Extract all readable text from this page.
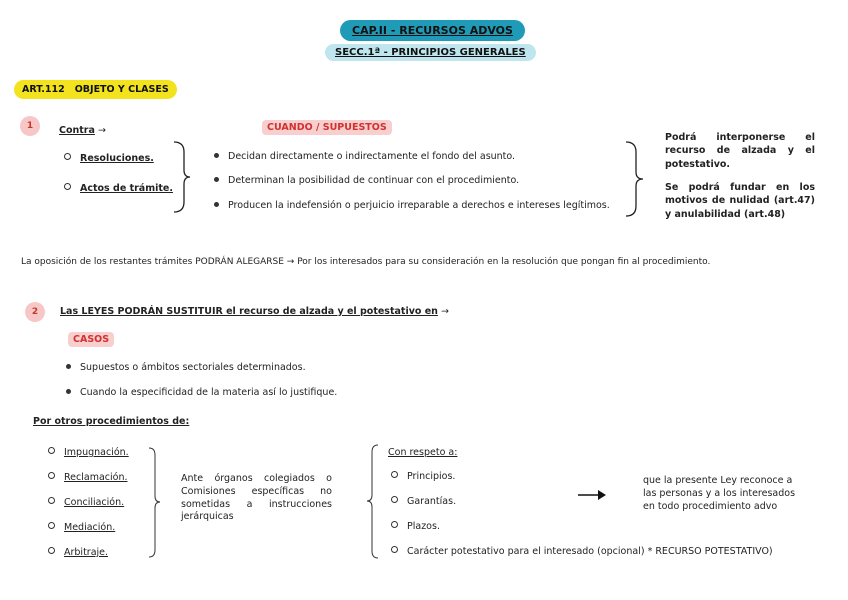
CAP.II - RECURSOS ADVOS
SECC.1ª - PRINCIPIOS GENERALES
ART.112 OBJETO Y CLASES
1	Contra →
Resoluciones.
Actos de trámite.
CUANDO / SUPUESTOS
Decidan directamente o indirectamente el fondo del asunto.
Determinan la posibilidad de continuar con el procedimiento.
Producen la indefensión o perjuicio irreparable a derechos e intereses legítimos.
Podrá interponerse el recurso de alzada y el potestativo.
Se podrá fundar en los motivos de nulidad (art.47) y anulabilidad (art.48)
La oposición de los restantes trámites PODRÁN ALEGARSE → Por los interesados para su consideración en la resolución que pongan fin al procedimiento.
2	Las LEYES PODRÁN SUSTITUIR el recurso de alzada y el potestativo en →
CASOS
Supuestos o ámbitos sectoriales determinados.
Cuando la especificidad de la materia así lo justifique.
Por otros procedimientos de:
Impugnación.
Reclamación.
Conciliación.
Mediación.
Arbitraje.
Ante órganos colegiados o Comisiones específicas no sometidas a instrucciones jerárquicas
Con respeto a:
Principios.
Garantías.
Plazos.
Carácter potestativo para el interesado (opcional) * RECURSO POTESTATIVO)
que la presente Ley reconoce a las personas y a los interesados en todo procedimiento advo
